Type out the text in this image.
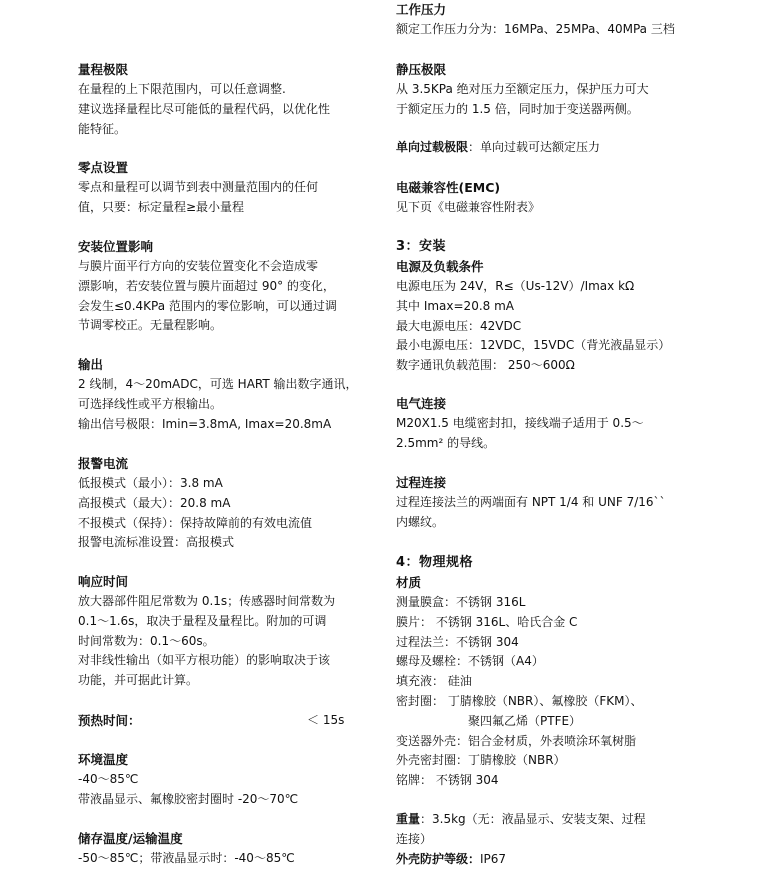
量程极限
在量程的上下限范围内，可以任意调整.
建议选择量程比尽可能低的量程代码，以优化性
能特征。
零点设置
零点和量程可以调节到表中测量范围内的任何
值，只要：标定量程≥最小量程
安装位置影响
与膜片面平行方向的安装位置变化不会造成零
漂影响，若安装位置与膜片面超过 90° 的变化，
会发生≤0.4KPa 范围内的零位影响，可以通过调
节调零校正。无量程影响。
输出
2 线制，4～20mADC，可选 HART 输出数字通讯，
可选择线性或平方根输出。
输出信号极限：Imin=3.8mA, Imax=20.8mA
报警电流
低报模式（最小）：3.8 mA
高报模式（最大）：20.8 mA
不报模式（保持）：保持故障前的有效电流值
报警电流标准设置：高报模式
响应时间
放大器部件阻尼常数为 0.1s；传感器时间常数为
0.1～1.6s，取决于量程及量程比。附加的可调
时间常数为：0.1～60s。
对非线性输出（如平方根功能）的影响取决于该
功能，并可据此计算。
预热时间：	＜ 15s
环境温度
-40～85℃
带液晶显示、氟橡胶密封圈时 -20～70℃
储存温度/运输温度
-50～85℃；带液晶显示时：-40～85℃
工作压力
额定工作压力分为：16MPa、25MPa、40MPa 三档
静压极限
从 3.5KPa 绝对压力至额定压力，保护压力可大
于额定压力的 1.5 倍，同时加于变送器两侧。
单向过载极限：单向过载可达额定压力
电磁兼容性(EMC)
见下页《电磁兼容性附表》
3：安装
电源及负载条件
电源电压为 24V，R≤（Us-12V）/Imax kΩ
其中 Imax=20.8 mA
最大电源电压：42VDC
最小电源电压：12VDC，15VDC（背光液晶显示）
数字通讯负载范围： 250～600Ω
电气连接
M20X1.5 电缆密封扣，接线端子适用于 0.5～
2.5mm² 的导线。
过程连接
过程连接法兰的两端面有 NPT 1/4 和 UNF 7/16``
内螺纹。
4：物理规格
材质
测量膜盒：不锈钢 316L
膜片： 不锈钢 316L、哈氏合金 C
过程法兰：不锈钢 304
螺母及螺栓：不锈钢（A4）
填充液： 硅油
密封圈： 丁腈橡胶（NBR）、氟橡胶（FKM）、
聚四氟乙烯（PTFE）
变送器外壳：铝合金材质，外表喷涂环氧树脂
外壳密封圈：丁腈橡胶（NBR）
铭牌： 不锈钢 304
重量：3.5kg（无：液晶显示、安装支架、过程
连接）
外壳防护等级：IP67
